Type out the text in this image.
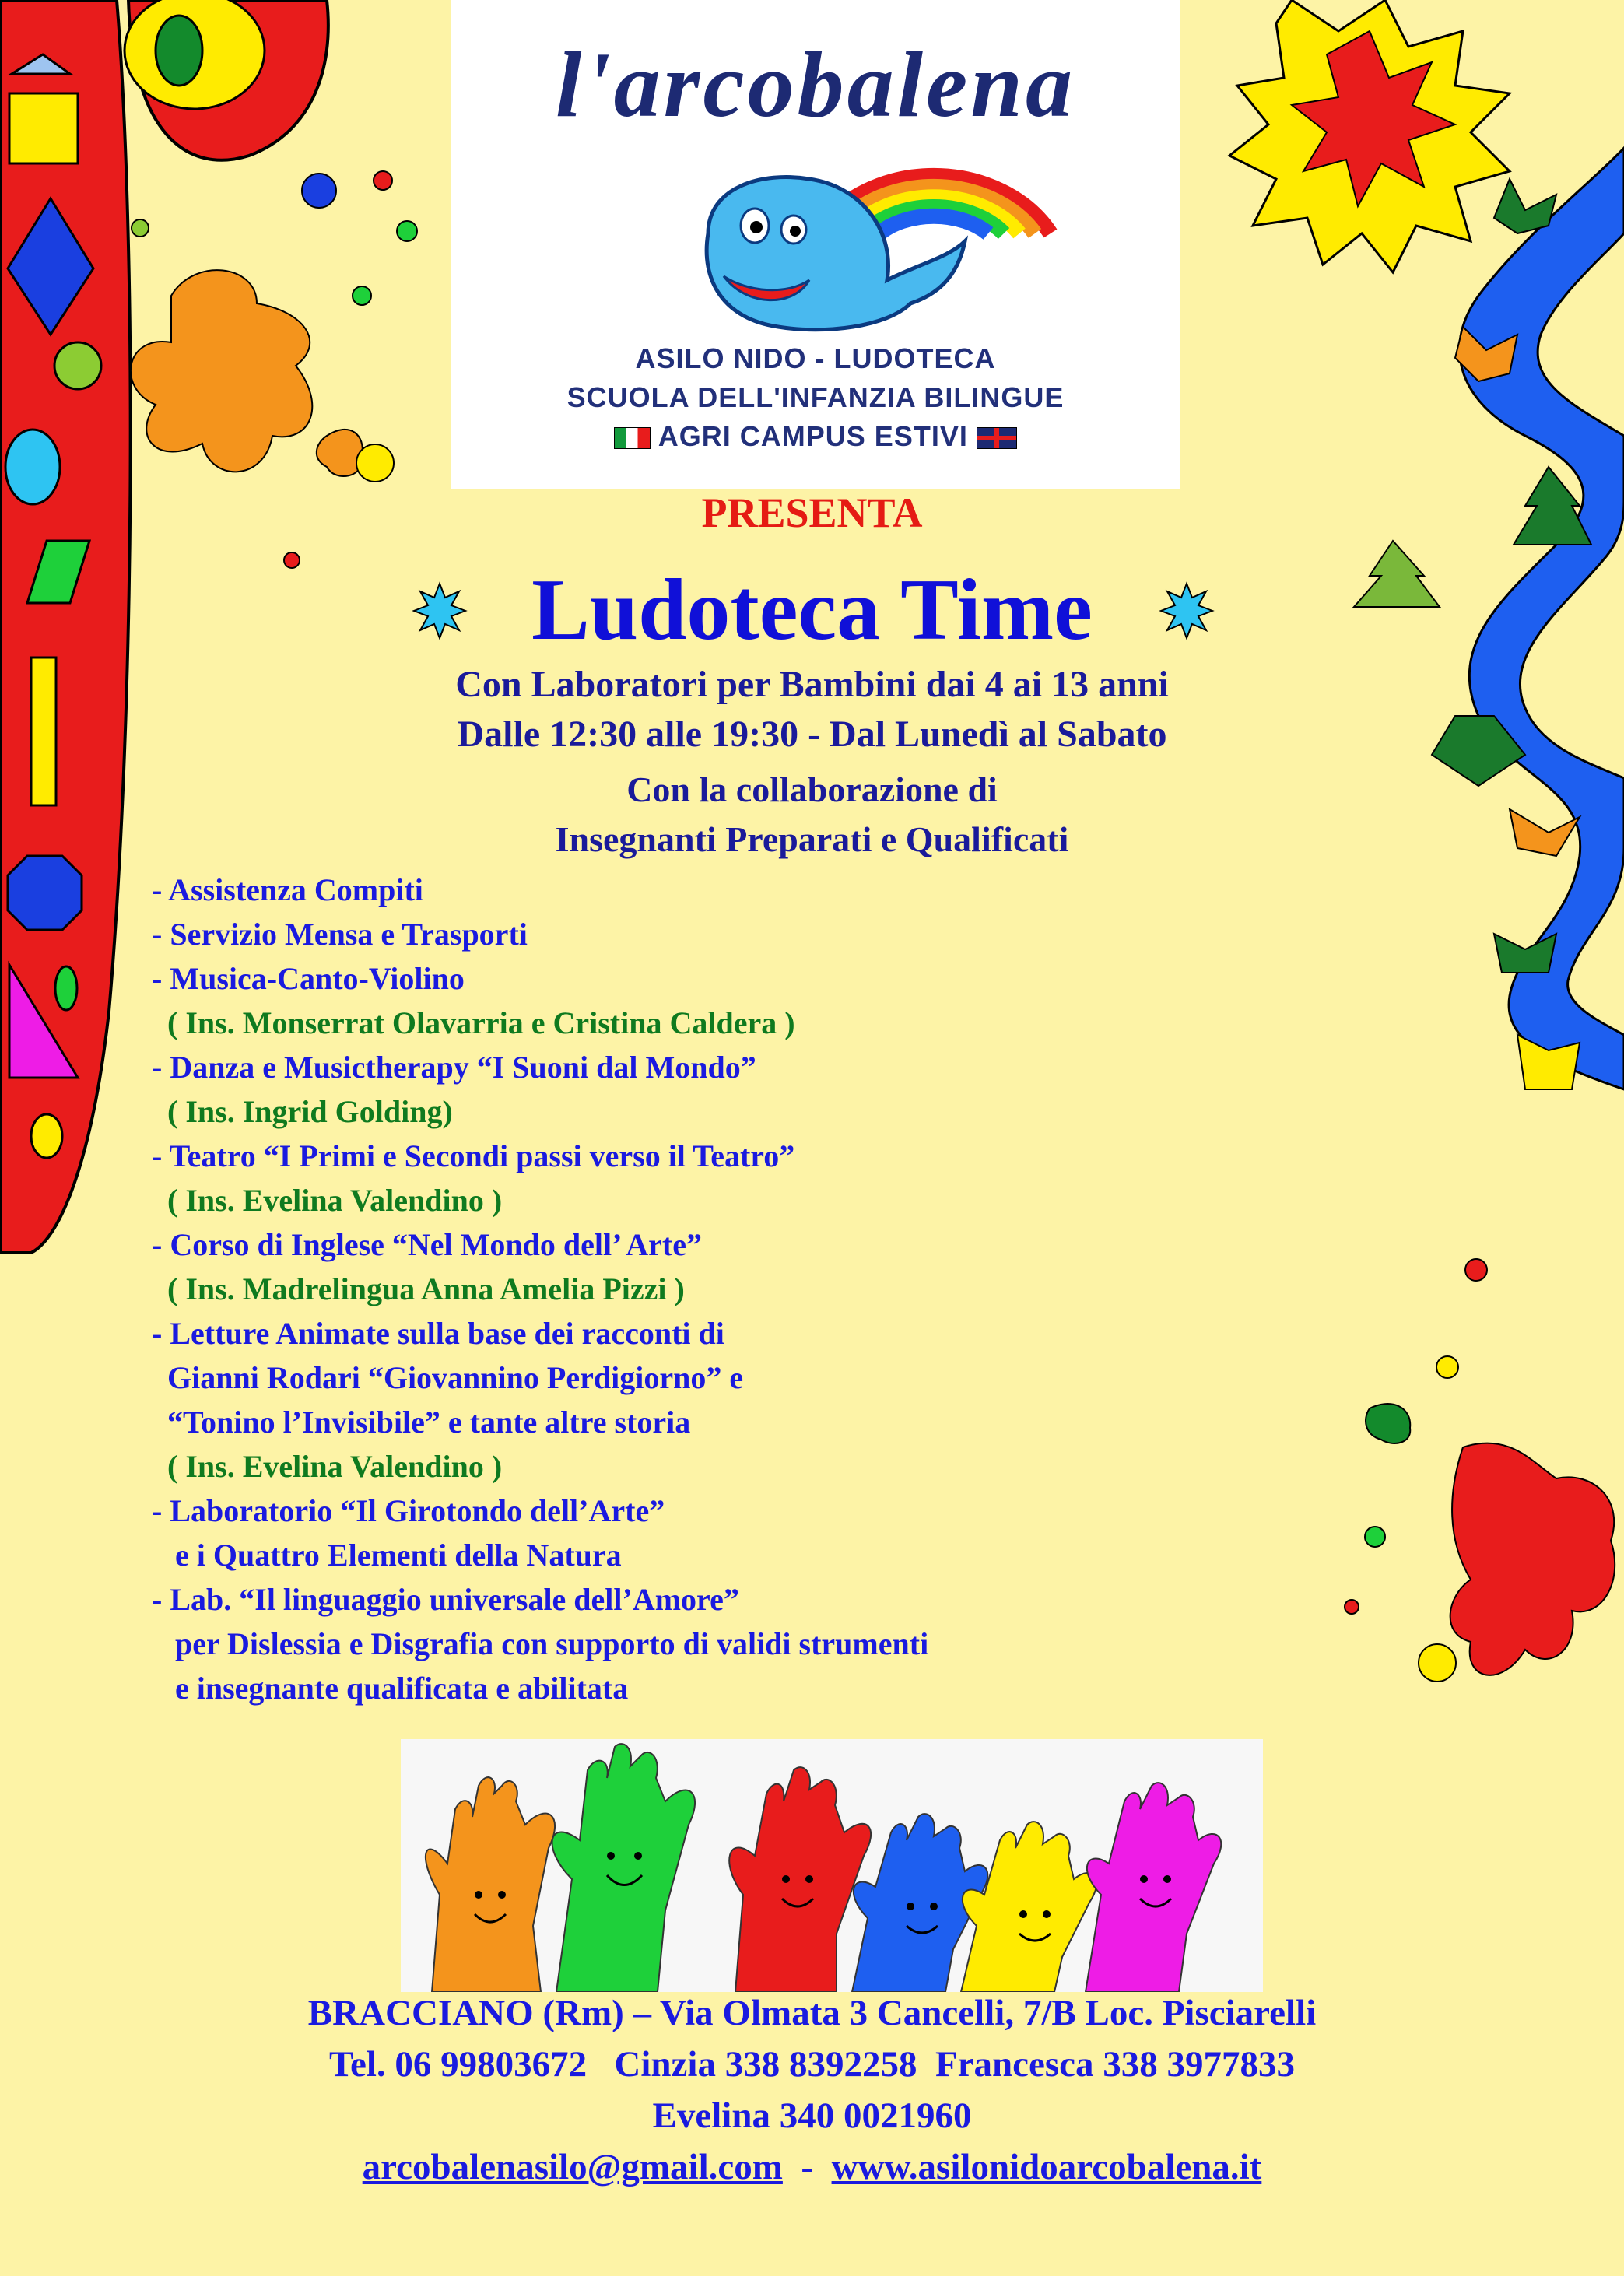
l'arcobalena
ASILO NIDO - LUDOTECA
SCUOLA DELL'INFANZIA BILINGUE
AGRI CAMPUS ESTIVI
PRESENTA
Ludoteca Time
Con Laboratori per Bambini dai 4 ai 13 anni
Dalle 12:30 alle 19:30 - Dal Lunedì al Sabato
Con la collaborazione di
Insegnanti Preparati e Qualificati
- Assistenza Compiti
- Servizio Mensa e Trasporti
- Musica-Canto-Violino
( Ins. Monserrat Olavarria e Cristina Caldera )
- Danza e Musictherapy “I Suoni dal Mondo”
( Ins. Ingrid Golding)
- Teatro “I Primi e Secondi passi verso il Teatro”
( Ins. Evelina Valendino )
- Corso di Inglese “Nel Mondo dell’ Arte”
( Ins. Madrelingua Anna Amelia Pizzi )
- Letture Animate sulla base dei racconti di
Gianni Rodari “Giovannino Perdigiorno” e
“Tonino l’Invisibile” e tante altre storia
( Ins. Evelina Valendino )
- Laboratorio “Il Girotondo dell’Arte”
e i Quattro Elementi della Natura
- Lab. “Il linguaggio universale dell’Amore”
per Dislessia e Disgrafia con supporto di validi strumenti
e insegnante qualificata e abilitata
BRACCIANO (Rm) – Via Olmata 3 Cancelli, 7/B Loc. Pisciarelli
Tel. 06 99803672   Cinzia 338 8392258  Francesca 338 3977833
Evelina 340 0021960
arcobalenasilo@gmail.com - www.asilonidoarcobalena.it
